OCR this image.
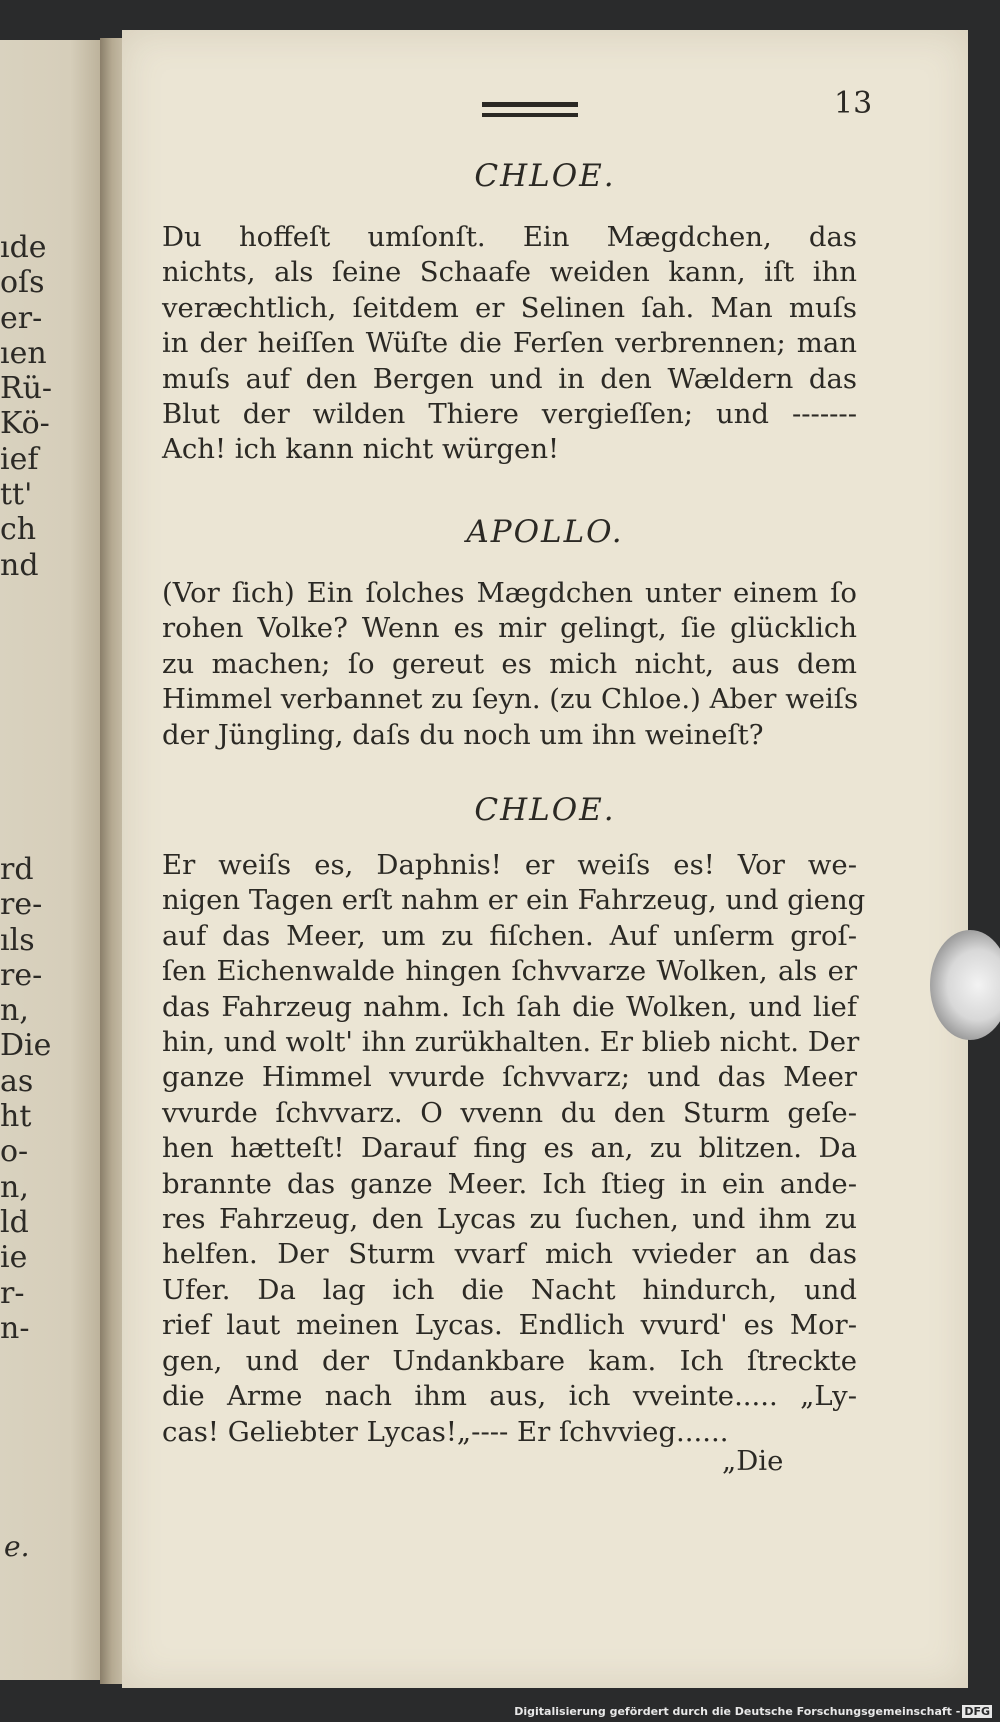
ıde
oſs
er-
ıen
Rü-
Kö-
ief
tt'
ch
nd
rd
re-
ıls
re-
n,
Die
as
ht
o-
n,
ld
ie
r-
n-
e.
13
CHLOE.
Du hoffeſt umſonſt. Ein Mægdchen, das
nichts, als ſeine Schaafe weiden kann, iſt ihn
veræchtlich, ſeitdem er Selinen ſah. Man muſs
in der heiſſen Wüſte die Ferſen verbrennen; man
muſs auf den Bergen und in den Wældern das
Blut der wilden Thiere vergieſſen; und -------
Ach! ich kann nicht würgen!
APOLLO.
(Vor ſich) Ein ſolches Mægdchen unter einem ſo
rohen Volke? Wenn es mir gelingt, ſie glücklich
zu machen; ſo gereut es mich nicht, aus dem
Himmel verbannet zu ſeyn. (zu Chloe.) Aber weiſs
der Jüngling, daſs du noch um ihn weineſt?
CHLOE.
Er weiſs es, Daphnis! er weiſs es! Vor we-
nigen Tagen erſt nahm er ein Fahrzeug, und gieng
auf das Meer, um zu fiſchen. Auf unſerm groſ-
ſen Eichenwalde hingen ſchvvarze Wolken, als er
das Fahrzeug nahm. Ich ſah die Wolken, und lief
hin, und wolt' ihn zurükhalten. Er blieb nicht. Der
ganze Himmel vvurde ſchvvarz; und das Meer
vvurde ſchvvarz. O vvenn du den Sturm geſe-
hen hætteſt! Darauf fing es an, zu blitzen. Da
brannte das ganze Meer. Ich ſtieg in ein ande-
res Fahrzeug, den Lycas zu ſuchen, und ihm zu
helfen. Der Sturm vvarf mich vvieder an das
Ufer. Da lag ich die Nacht hindurch, und
rief laut meinen Lycas. Endlich vvurd' es Mor-
gen, und der Undankbare kam. Ich ſtreckte
die Arme nach ihm aus, ich vveinte..... „Ly-
cas! Geliebter Lycas!„---- Er ſchvvieg......
„Die
Digitalisierung gefördert durch die Deutsche Forschungsgemeinschaft - DFG
